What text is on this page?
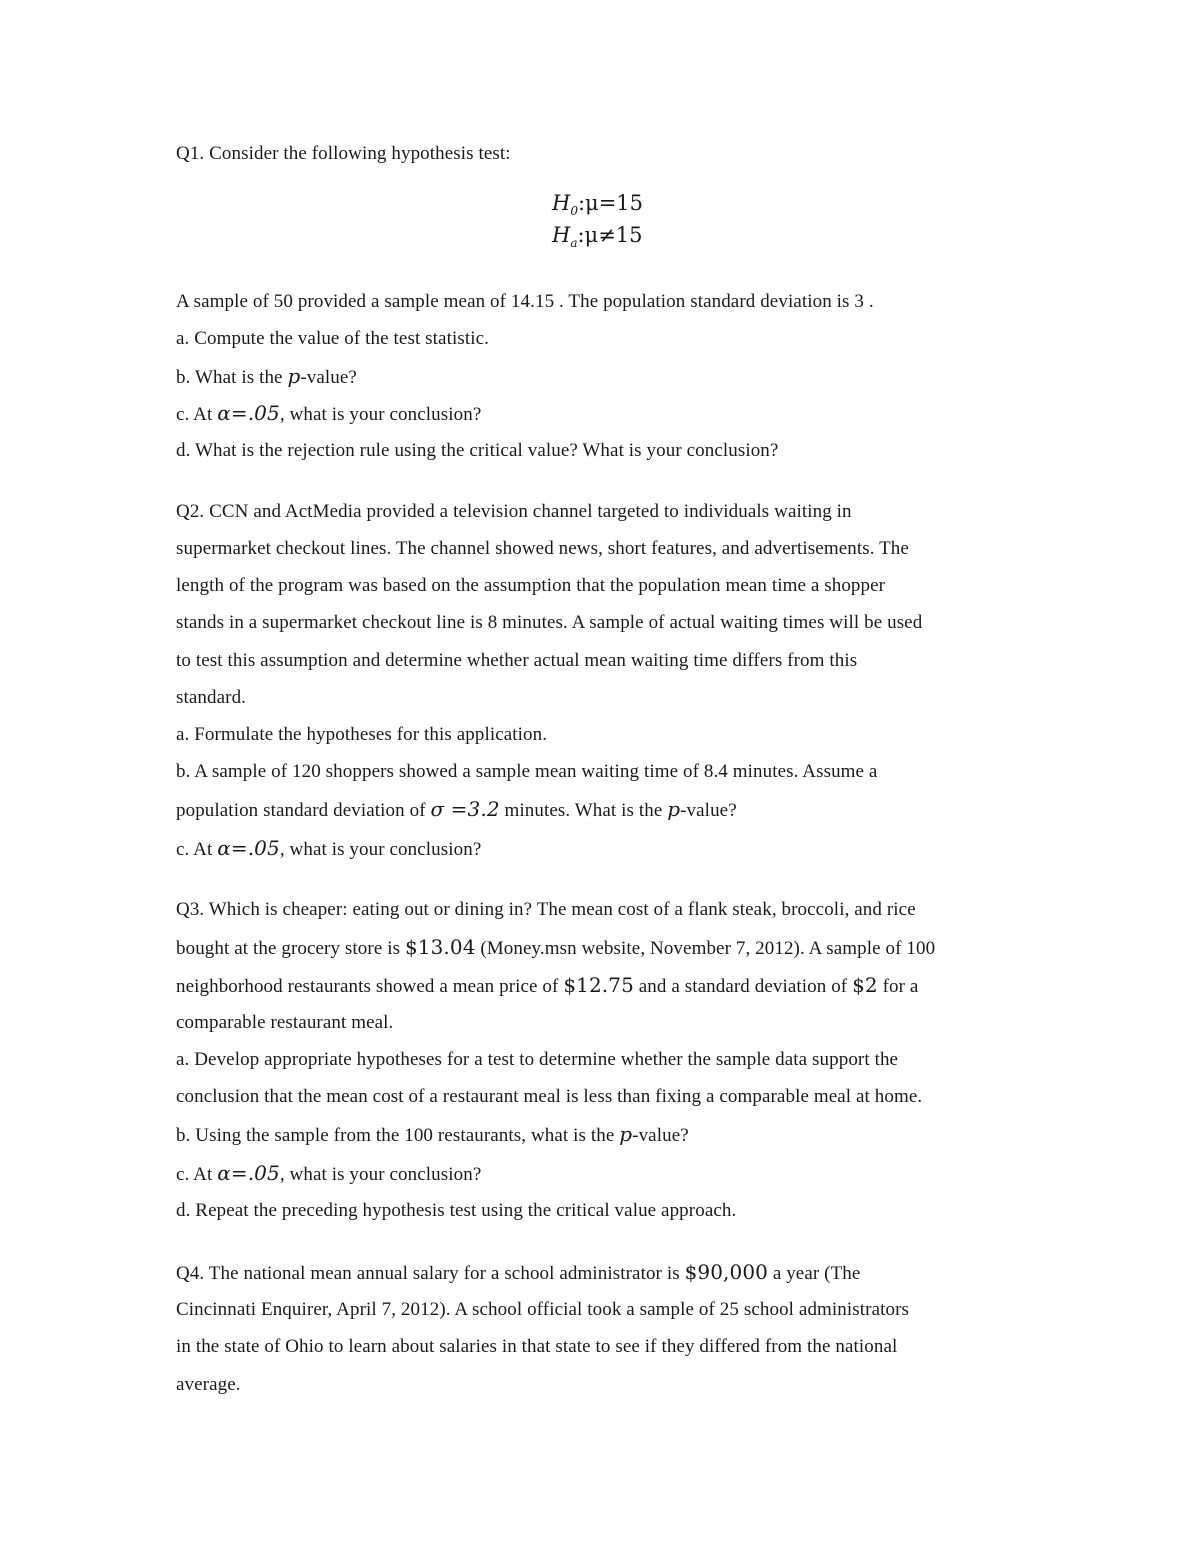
Q1. Consider the following hypothesis test:
$H_0:\mu=15$
$H_a:\mu\ne 15$
A sample of 50 provided a sample mean of 14.15 . The population standard deviation is 3 .
a. Compute the value of the test statistic.
b. What is the p-value?
c. At α=.05, what is your conclusion?
d. What is the rejection rule using the critical value? What is your conclusion?
Q2. CCN and ActMedia provided a television channel targeted to individuals waiting in
supermarket checkout lines. The channel showed news, short features, and advertisements. The
length of the program was based on the assumption that the population mean time a shopper
stands in a supermarket checkout line is 8 minutes. A sample of actual waiting times will be used
to test this assumption and determine whether actual mean waiting time differs from this
standard.
a. Formulate the hypotheses for this application.
b. A sample of 120 shoppers showed a sample mean waiting time of 8.4 minutes. Assume a
population standard deviation of σ =3.2 minutes. What is the p-value?
c. At α=.05, what is your conclusion?
Q3. Which is cheaper: eating out or dining in? The mean cost of a flank steak, broccoli, and rice
bought at the grocery store is $13.04 (Money.msn website, November 7, 2012). A sample of 100
neighborhood restaurants showed a mean price of $12.75 and a standard deviation of $2 for a
comparable restaurant meal.
a. Develop appropriate hypotheses for a test to determine whether the sample data support the
conclusion that the mean cost of a restaurant meal is less than fixing a comparable meal at home.
b. Using the sample from the 100 restaurants, what is the p-value?
c. At α=.05, what is your conclusion?
d. Repeat the preceding hypothesis test using the critical value approach.
Q4. The national mean annual salary for a school administrator is $90,000 a year (The
Cincinnati Enquirer, April 7, 2012). A school official took a sample of 25 school administrators
in the state of Ohio to learn about salaries in that state to see if they differed from the national
average.
